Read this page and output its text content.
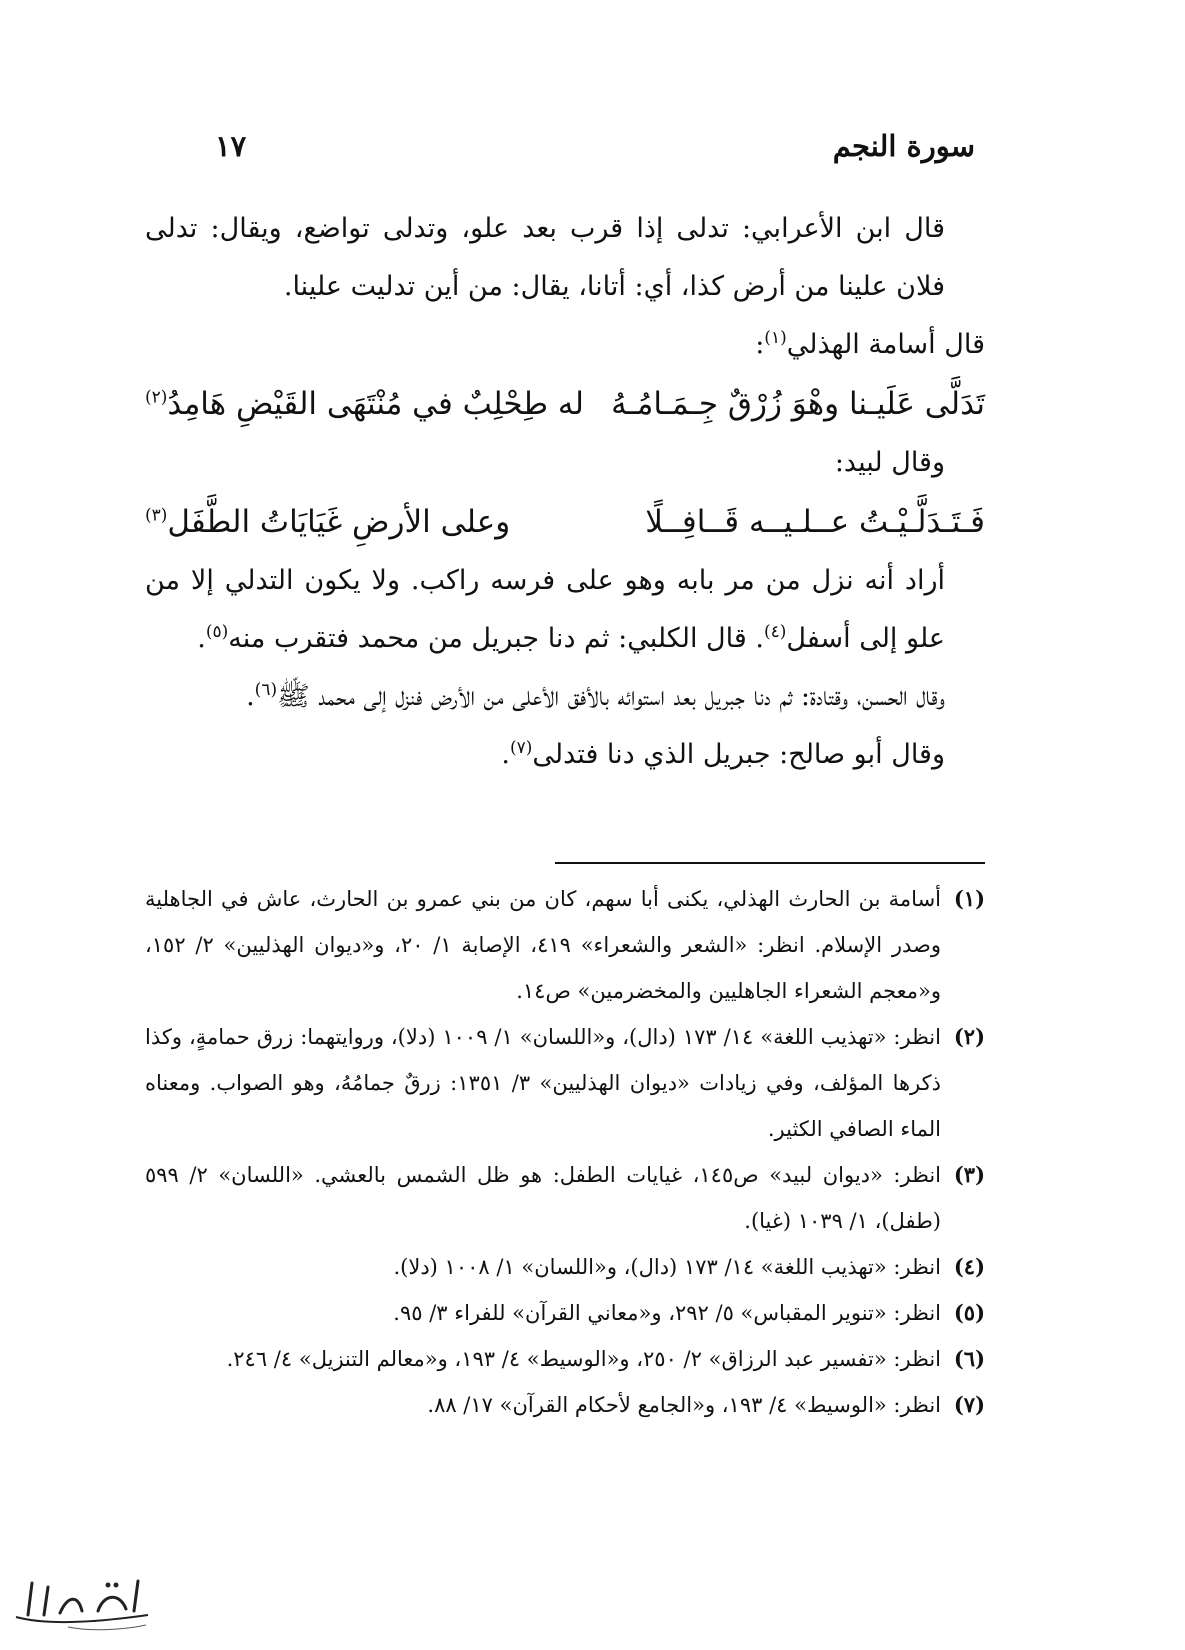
سورة النجم
١٧

قال ابن الأعرابي: تدلى إذا قرب بعد علو، وتدلى تواضع، ويقال: تدلى فلان علينا من أرض كذا، أي: أتانا، يقال: من أين تدليت علينا.

قال أسامة الهذلي$^{(١)}$:

تَدَلَّى عَلَيـنا وهْوَ زُرْقٌ جِـمَـامُـهُ
له طِحْلِبٌ في مُنْتَهَى القَيْضِ هَامِدُ$^{(٢)}$

وقال لبيد:

فَـتَـدَلَّـيْـتُ عــلـيــه قَــافِــلًا
وعلى الأرضِ غَيَايَاتُ الطَّفَل$^{(٣)}$

أراد أنه نزل من مر بابه وهو على فرسه راكب. ولا يكون التدلي إلا من علو إلى أسفل$^{(٤)}$. قال الكلبي: ثم دنا جبريل من محمد فتقرب منه$^{(٥)}$.

وقال الحسن، وقتادة: ثم دنا جبريل بعد استوائه بالأفق الأعلى من الأرض فنزل إلى محمد ﷺ$^{(٦)}$.

وقال أبو صالح: جبريل الذي دنا فتدلى$^{(٧)}$.

(١)
أسامة بن الحارث الهذلي، يكنى أبا سهم، كان من بني عمرو بن الحارث، عاش في الجاهلية وصدر الإسلام. انظر: «الشعر والشعراء» ٤١٩، الإصابة ١/ ٢٠، و«ديوان الهذليين» ٢/ ١٥٢، و«معجم الشعراء الجاهليين والمخضرمين» ص١٤.
(٢)
انظر: «تهذيب اللغة» ١٤/ ١٧٣ (دال)، و«اللسان» ١/ ١٠٠٩ (دلا)، وروايتهما: زرق حمامةٍ، وكذا ذكرها المؤلف، وفي زيادات «ديوان الهذليين» ٣/ ١٣٥١: زرقٌ جمامُهُ، وهو الصواب. ومعناه الماء الصافي الكثير.
(٣)
انظر: «ديوان لبيد» ص١٤٥، غيايات الطفل: هو ظل الشمس بالعشي. «اللسان» ٢/ ٥٩٩ (طفل)، ١/ ١٠٣٩ (غيا).
(٤)
انظر: «تهذيب اللغة» ١٤/ ١٧٣ (دال)، و«اللسان» ١/ ١٠٠٨ (دلا).
(٥)
انظر: «تنوير المقباس» ٥/ ٢٩٢، و«معاني القرآن» للفراء ٣/ ٩٥.
(٦)
انظر: «تفسير عبد الرزاق» ٢/ ٢٥٠، و«الوسيط» ٤/ ١٩٣، و«معالم التنزيل» ٤/ ٢٤٦.
(٧)
انظر: «الوسيط» ٤/ ١٩٣، و«الجامع لأحكام القرآن» ١٧/ ٨٨.
